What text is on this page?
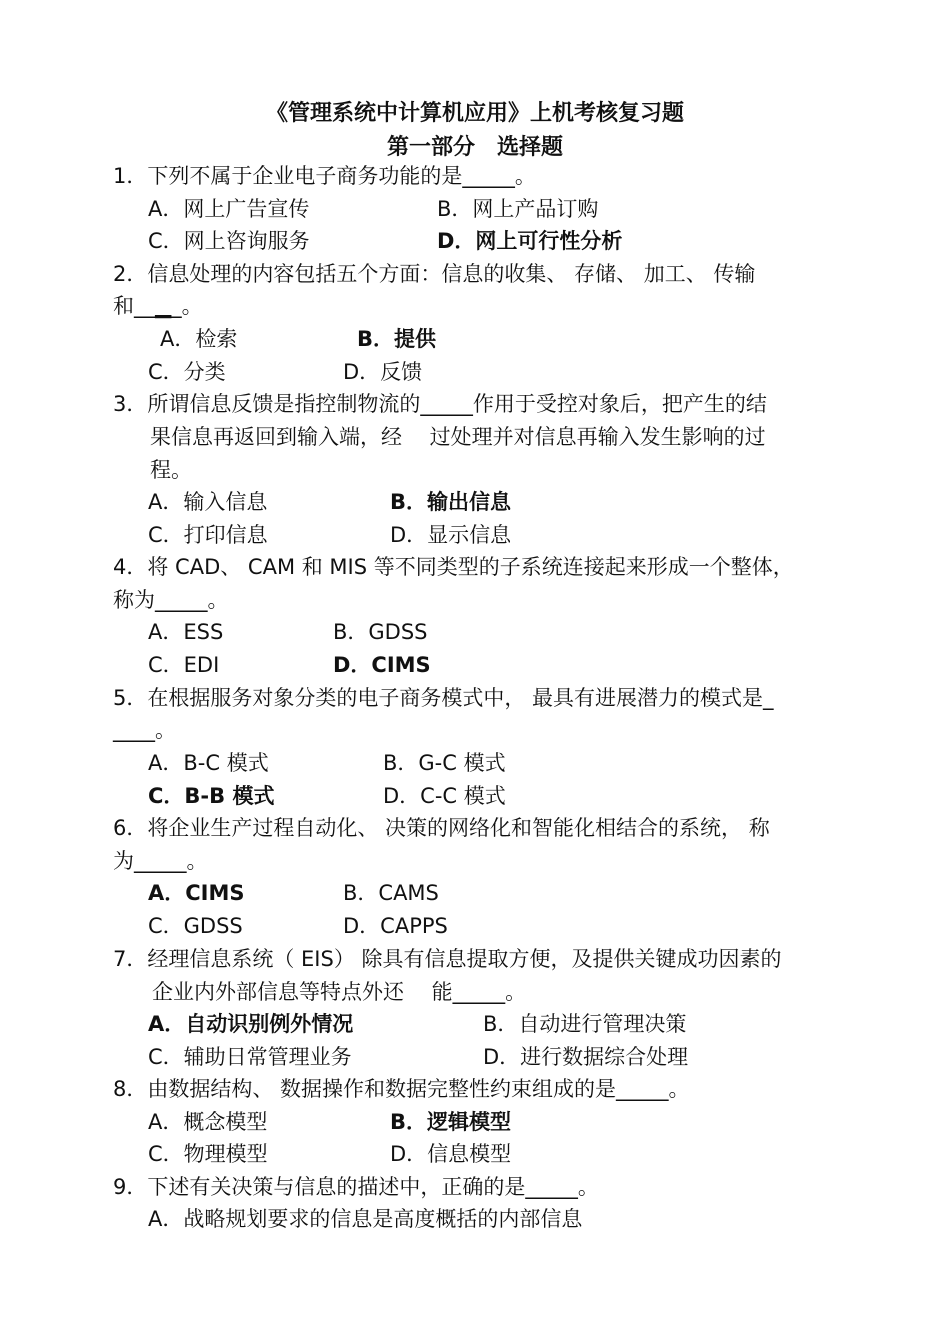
《管理系统中计算机应用》上机考核复习题
第一部分　选择题
1．下列不属于企业电子商务功能的是_____。
A．网上广告宣传	B．网上产品订购
C．网上咨询服务	D．网上可行性分析
2．信息处理的内容包括五个方面：信息的收集、 存储、 加工、 传输
和__▁_。
A．检索	B．提供
C．分类	D．反馈
3．所谓信息反馈是指控制物流的_____作用于受控对象后，把产生的结
果信息再返回到输入端，经　 过处理并对信息再输入发生影响的过
程。
A．输入信息	B．输出信息
C．打印信息	D．显示信息
4．将 CAD、 CAM 和 MIS 等不同类型的子系统连接起来形成一个整体，
称为_____。
A．ESS	B．GDSS
C．EDI	D．CIMS
5．在根据服务对象分类的电子商务模式中， 最具有进展潜力的模式是_
____。
A．B-C 模式	B．G-C 模式
C．B-B 模式	D．C-C 模式
6．将企业生产过程自动化、 决策的网络化和智能化相结合的系统， 称
为_____。
A．CIMS	B．CAMS
C．GDSS	D．CAPPS
7．经理信息系统（ EIS） 除具有信息提取方便，及提供关键成功因素的
企业内外部信息等特点外还　 能_____。
A．自动识别例外情况	B．自动进行管理决策
C．辅助日常管理业务	D．进行数据综合处理
8．由数据结构、 数据操作和数据完整性约束组成的是_____。
A．概念模型	B．逻辑模型
C．物理模型	D．信息模型
9．下述有关决策与信息的描述中，正确的是_____。
A．战略规划要求的信息是高度概括的内部信息
